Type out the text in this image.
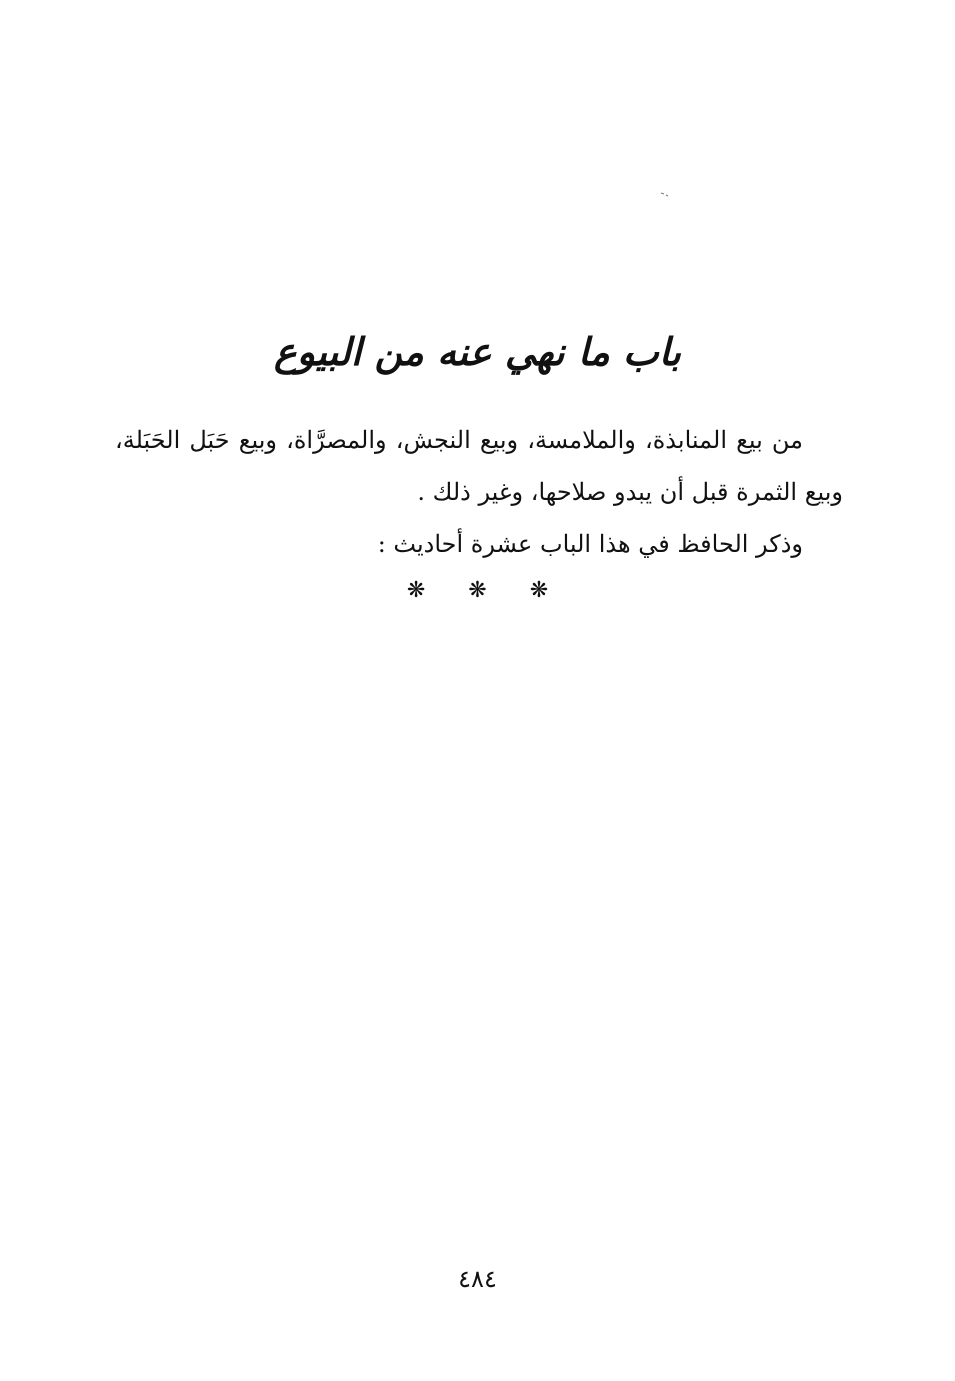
باب ما نهي عنه من البيوع

من بيع المنابذة، والملامسة، وبيع النجش، والمصرَّاة، وبيع حَبَل الحَبَلة، وبيع الثمرة قبل أن يبدو صلاحها، وغير ذلك .

وذكر الحافظ في هذا الباب عشرة أحاديث :

❋ ❋ ❋
٤٨٤
